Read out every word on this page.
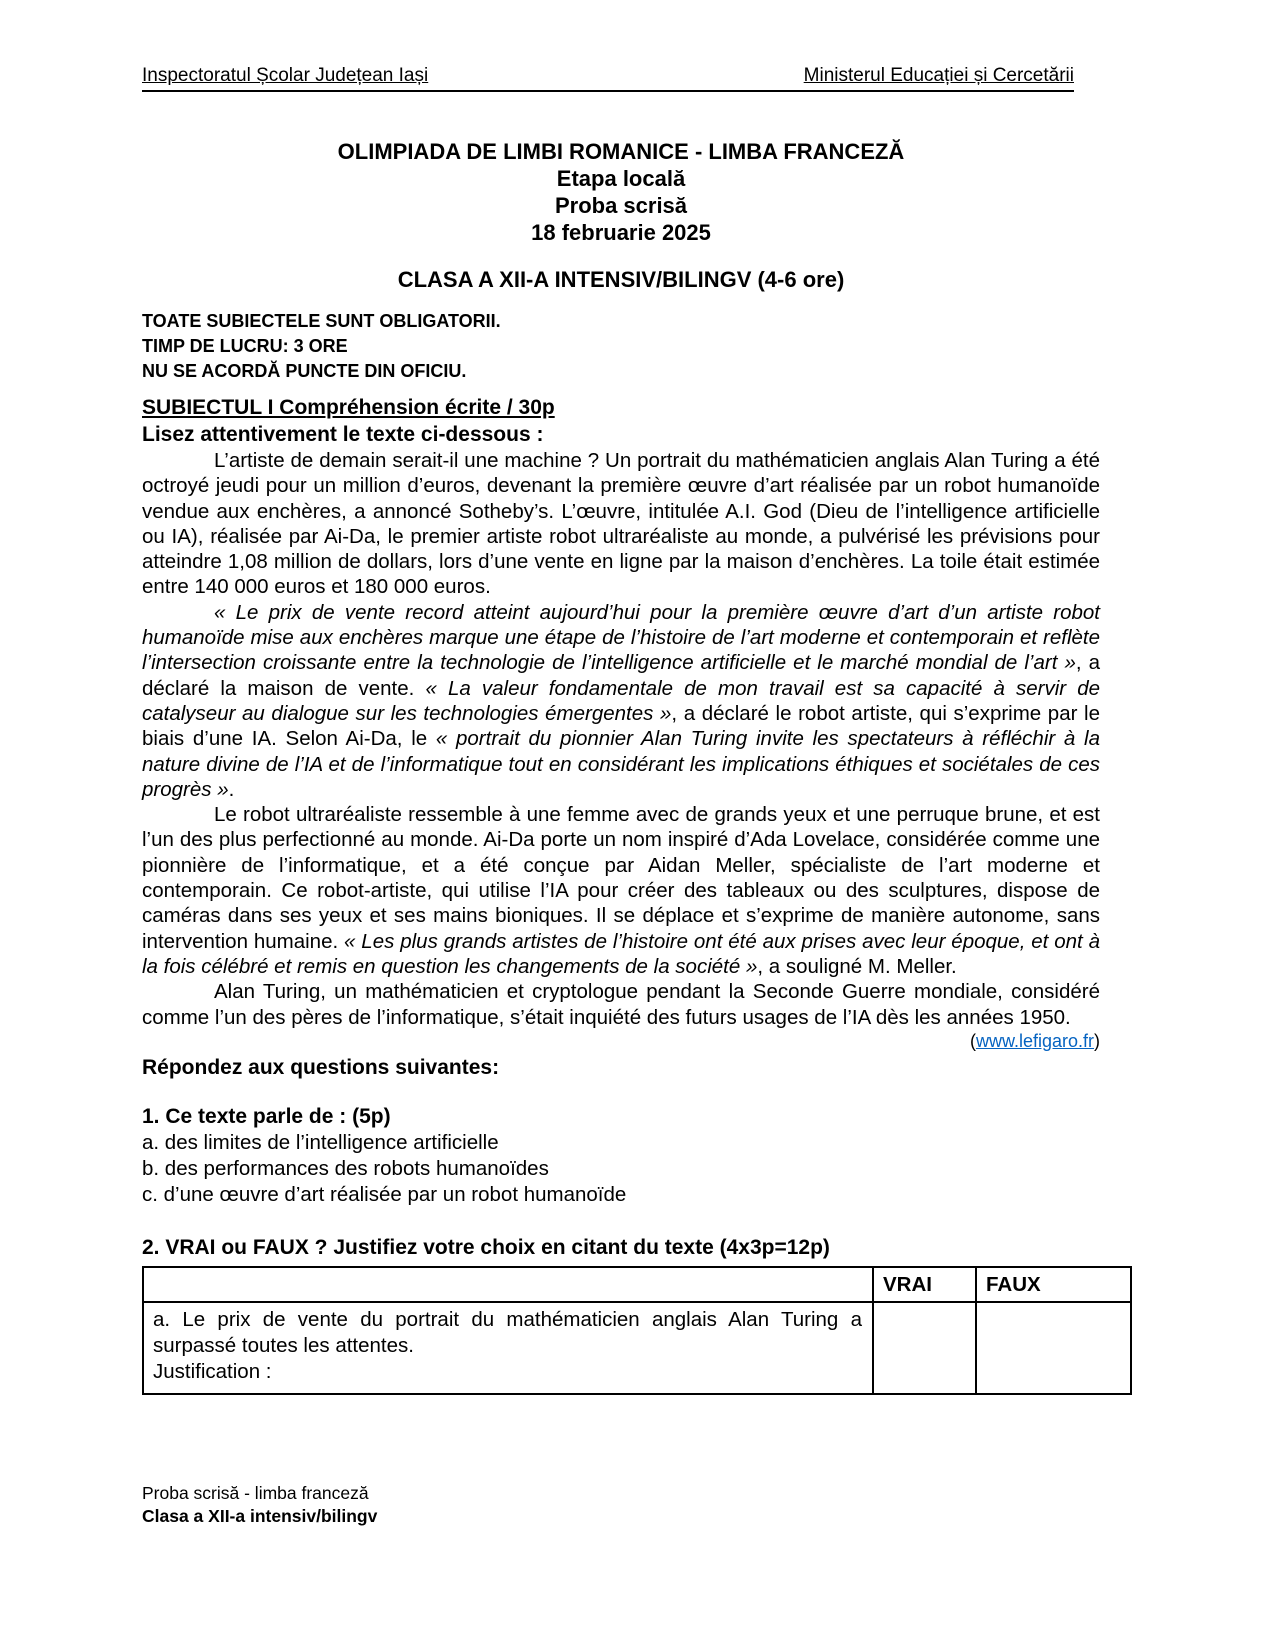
Inspectoratul Școlar Județean Iași	Ministerul Educației și Cercetării
OLIMPIADA DE LIMBI ROMANICE - LIMBA FRANCEZĂ
Etapa locală
Proba scrisă
18 februarie 2025
CLASA A XII-A INTENSIV/BILINGV (4-6 ore)
TOATE SUBIECTELE SUNT OBLIGATORII.
TIMP DE LUCRU: 3 ORE
NU SE ACORDĂ PUNCTE DIN OFICIU.
SUBIECTUL I Compréhension écrite / 30p
Lisez attentivement le texte ci-dessous :

L’artiste de demain serait-il une machine ? Un portrait du mathématicien anglais Alan Turing a été octroyé jeudi pour un million d’euros, devenant la première œuvre d’art réalisée par un robot humanoïde vendue aux enchères, a annoncé Sotheby’s. L’œuvre, intitulée A.I. God (Dieu de l’intelligence artificielle ou IA), réalisée par Ai-Da, le premier artiste robot ultraréaliste au monde, a pulvérisé les prévisions pour atteindre 1,08 million de dollars, lors d’une vente en ligne par la maison d’enchères. La toile était estimée entre 140 000 euros et 180 000 euros.

« Le prix de vente record atteint aujourd’hui pour la première œuvre d’art d’un artiste robot humanoïde mise aux enchères marque une étape de l’histoire de l’art moderne et contemporain et reflète l’intersection croissante entre la technologie de l’intelligence artificielle et le marché mondial de l’art », a déclaré la maison de vente. « La valeur fondamentale de mon travail est sa capacité à servir de catalyseur au dialogue sur les technologies émergentes », a déclaré le robot artiste, qui s’exprime par le biais d’une IA. Selon Ai-Da, le « portrait du pionnier Alan Turing invite les spectateurs à réfléchir à la nature divine de l’IA et de l’informatique tout en considérant les implications éthiques et sociétales de ces progrès ».

Le robot ultraréaliste ressemble à une femme avec de grands yeux et une perruque brune, et est l’un des plus perfectionné au monde. Ai-Da porte un nom inspiré d’Ada Lovelace, considérée comme une pionnière de l’informatique, et a été conçue par Aidan Meller, spécialiste de l’art moderne et contemporain. Ce robot-artiste, qui utilise l’IA pour créer des tableaux ou des sculptures, dispose de caméras dans ses yeux et ses mains bioniques. Il se déplace et s’exprime de manière autonome, sans intervention humaine. « Les plus grands artistes de l’histoire ont été aux prises avec leur époque, et ont à la fois célébré et remis en question les changements de la société », a souligné M. Meller.

Alan Turing, un mathématicien et cryptologue pendant la Seconde Guerre mondiale, considéré comme l’un des pères de l’informatique, s’était inquiété des futurs usages de l’IA dès les années 1950.

(www.lefigaro.fr)
Répondez aux questions suivantes:
1. Ce texte parle de : (5p)
a. des limites de l’intelligence artificielle
b. des performances des robots humanoïdes
c. d’une œuvre d’art réalisée par un robot humanoïde
2. VRAI ou FAUX ? Justifiez votre choix en citant du texte (4x3p=12p)
	VRAI	FAUX

a. Le prix de vente du portrait du mathématicien anglais Alan Turing a surpassé toutes les attentes.
Justification :		

Proba scrisă - limba franceză
Clasa a XII-a intensiv/bilingv
